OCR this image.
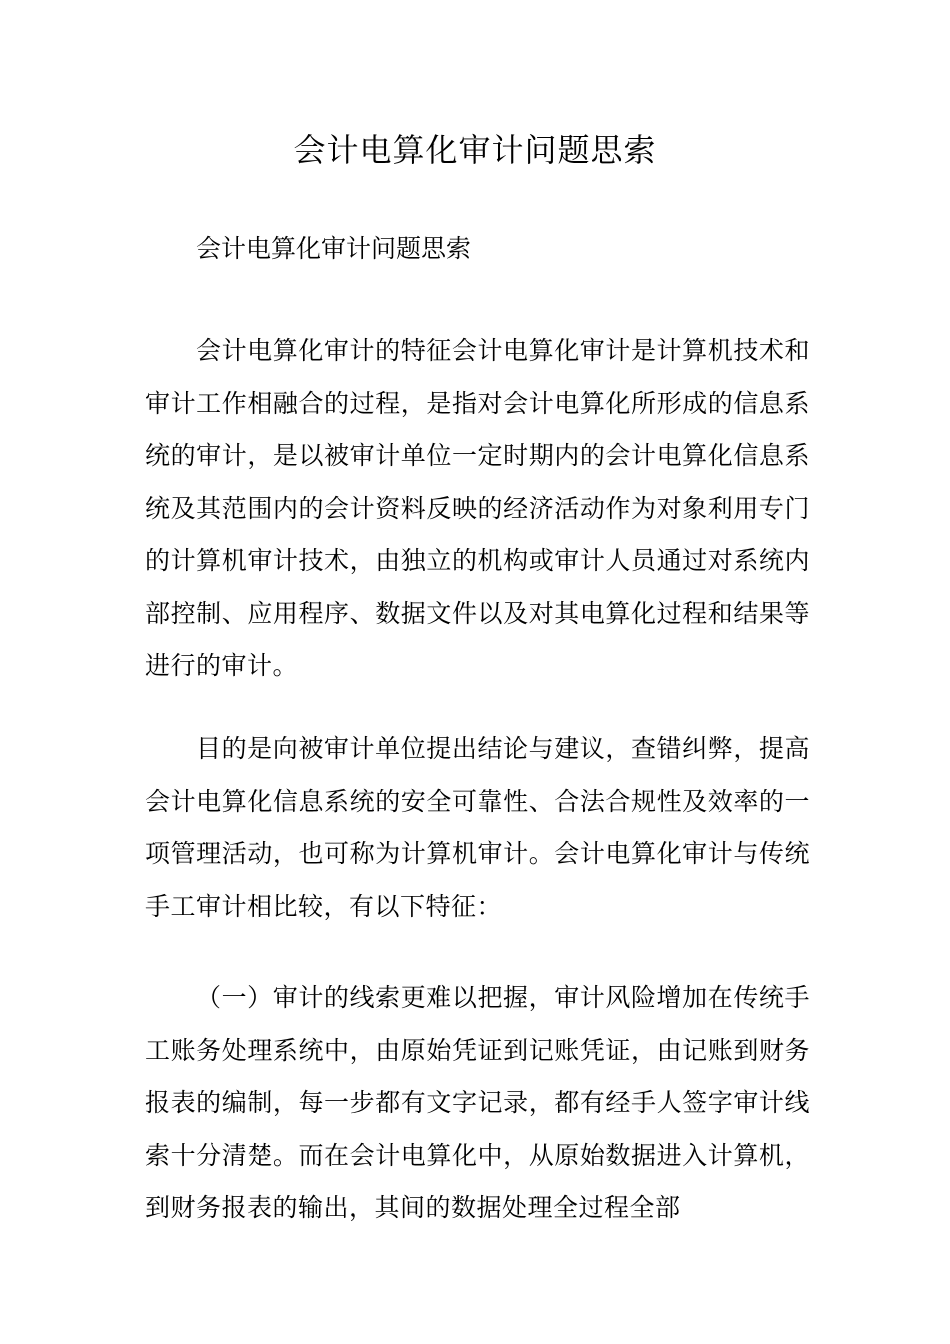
会计电算化审计问题思索
会计电算化审计问题思索
会计电算化审计的特征会计电算化审计是计算机技术和审计工作相融合的过程，是指对会计电算化所形成的信息系统的审计，是以被审计单位一定时期内的会计电算化信息系统及其范围内的会计资料反映的经济活动作为对象利用专门的计算机审计技术，由独立的机构或审计人员通过对系统内部控制、应用程序、数据文件以及对其电算化过程和结果等进行的审计。
目的是向被审计单位提出结论与建议，查错纠弊，提高会计电算化信息系统的安全可靠性、合法合规性及效率的一项管理活动，也可称为计算机审计。会计电算化审计与传统手工审计相比较，有以下特征：
（一）审计的线索更难以把握，审计风险增加在传统手工账务处理系统中，由原始凭证到记账凭证，由记账到财务报表的编制，每一步都有文字记录，都有经手人签字审计线索十分清楚。而在会计电算化中，从原始数据进入计算机，到财务报表的输出，其间的数据处理全过程全部
